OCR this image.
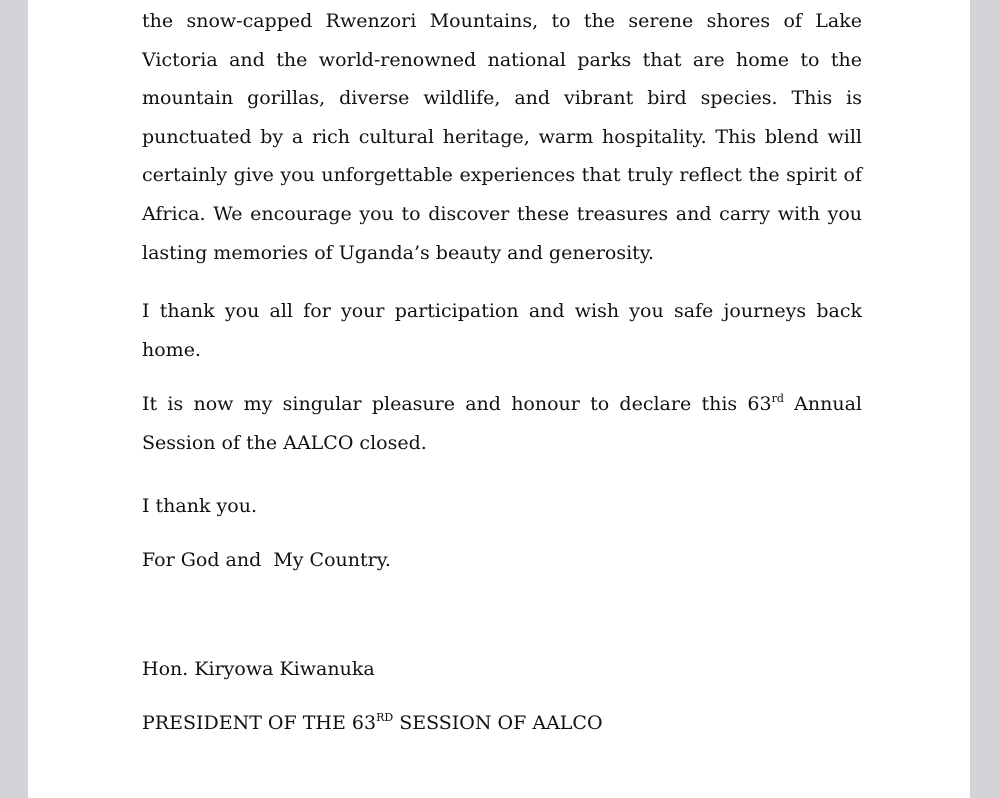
the snow-capped Rwenzori Mountains, to the serene shores of Lake
Victoria and the world-renowned national parks that are home to the
mountain gorillas, diverse wildlife, and vibrant bird species. This is
punctuated by a rich cultural heritage, warm hospitality. This blend will
certainly give you unforgettable experiences that truly reflect the spirit of
Africa. We encourage you to discover these treasures and carry with you
lasting memories of Uganda’s beauty and generosity.

I thank you all for your participation and wish you safe journeys back
home.

It is now my singular pleasure and honour to declare this 63rd Annual
Session of the AALCO closed.

I thank you.

For God and  My Country.

Hon. Kiryowa Kiwanuka

PRESIDENT OF THE 63RD SESSION OF AALCO
